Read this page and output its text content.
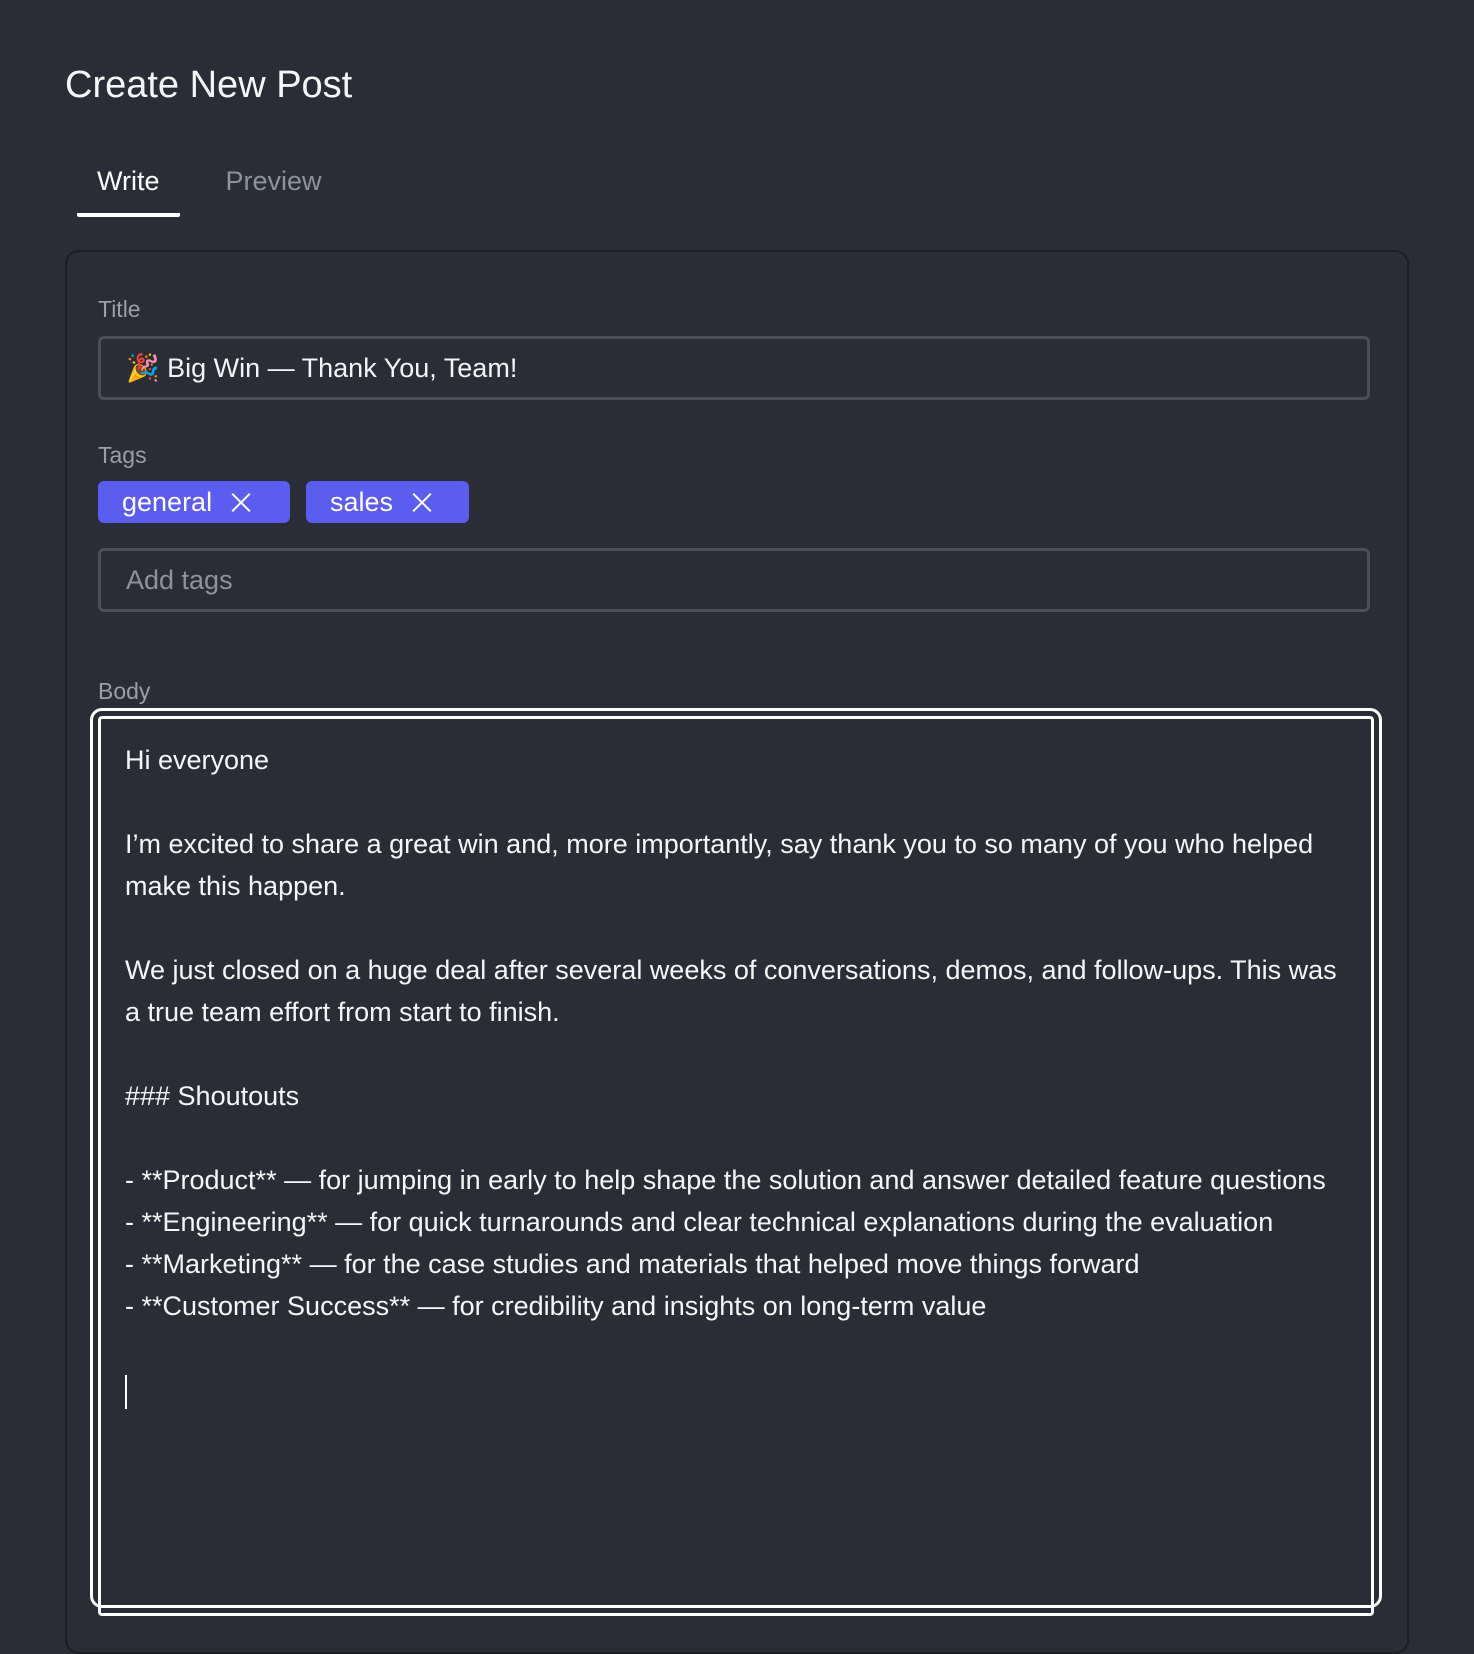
Create New Post
Write	Preview
Title
🎉 Big Win — Thank You, Team!
Tags
general	sales
Add tags
Body
Hi everyone

I’m excited to share a great win and, more importantly, say thank you to so many of you who helped make this happen.

We just closed on a huge deal after several weeks of conversations, demos, and follow-ups. This was a true team effort from start to finish.

### Shoutouts

- **Product** — for jumping in early to help shape the solution and answer detailed feature questions
- **Engineering** — for quick turnarounds and clear technical explanations during the evaluation
- **Marketing** — for the case studies and materials that helped move things forward
- **Customer Success** — for credibility and insights on long-term value
